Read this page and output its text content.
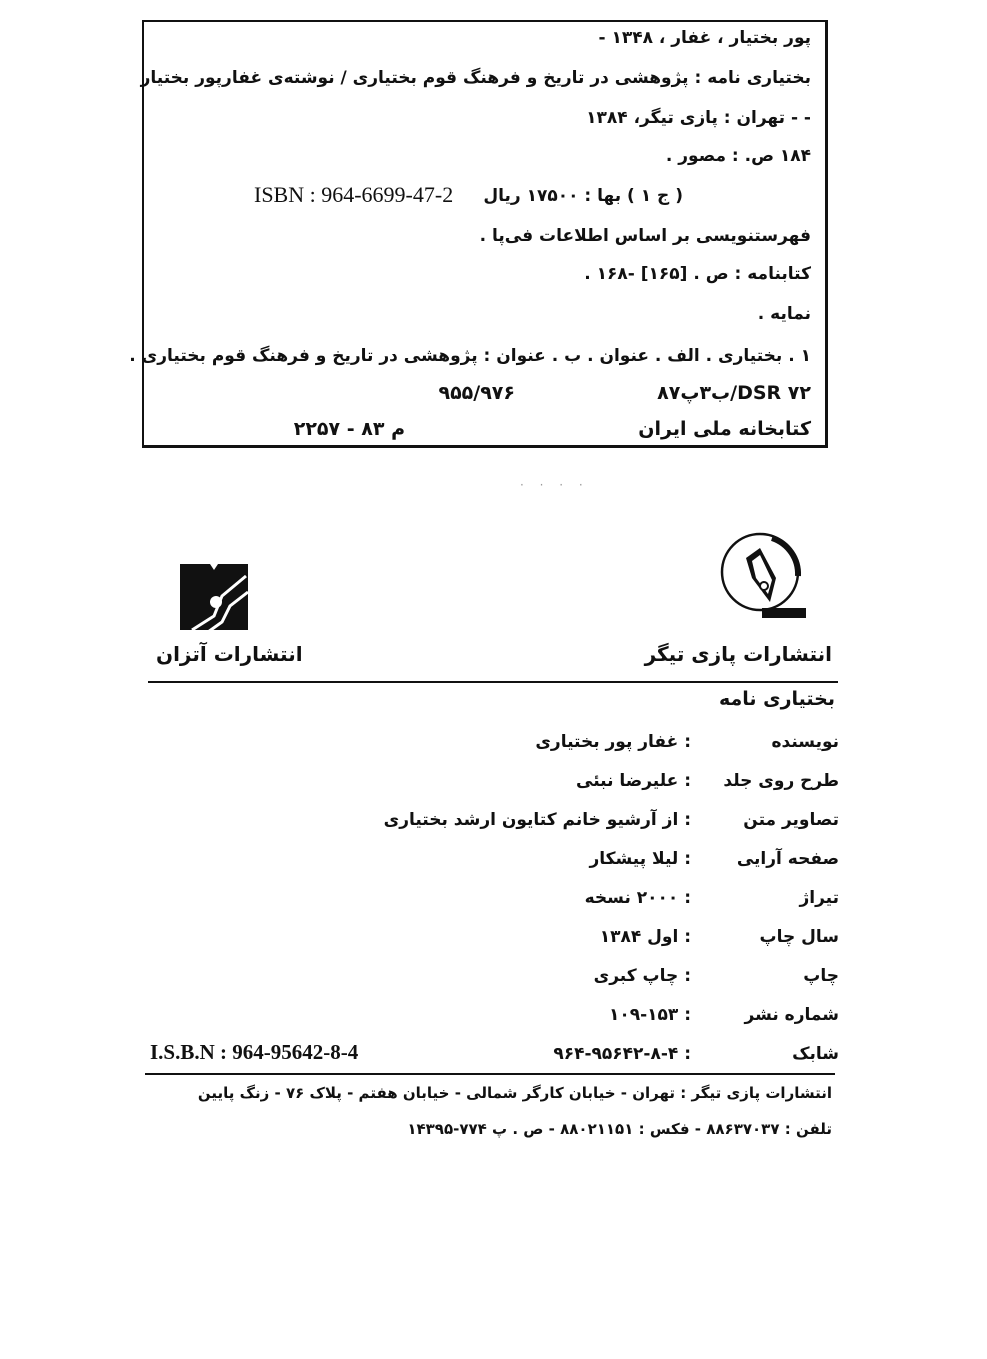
پور بختیار ، غفار ، ۱۳۴۸ -
بختیاری نامه : پژوهشی در تاریخ و فرهنگ قوم بختیاری / نوشته‌ی غفارپور بختیار
- - تهران : پازی تیگر، ۱۳۸۴
۱۸۴ ص. : مصور .
( ج ۱ ) بها : ۱۷۵۰۰ ریال
ISBN : 964-6699-47-2
فهرستنویسی بر اساس اطلاعات فی‌پا .
کتابنامه : ص . [۱۶۵] -۱۶۸ .
نمایه .
۱ . بختیاری . الف . عنوان . ب . عنوان : پژوهشی در تاریخ و فرهنگ قوم بختیاری .
DSR ۷۲/ب۳پ۸۷
۹۵۵/۹۷۶
کتابخانه ملی ایران
م ۸۳ - ۲۲۵۷
· · · ·
انتشارات پازی تیگر
انتشارات آتزان
بختیاری نامه
نویسنده
: غفار پور بختیاری
طرح روی جلد
: علیرضا نبئی
تصاویر متن
: از آرشیو خانم کتایون ارشد بختیاری
صفحه آرایی
: لیلا پیشکار
تیراژ
: ۲۰۰۰ نسخه
سال چاپ
: اول ۱۳۸۴
چاپ
: چاپ کبری
شماره نشر
: ۱۰۹-۱۵۳
شابک
: ۹۶۴-۹۵۶۴۲-۸-۴
I.S.B.N : 964-95642-8-4
انتشارات پازی تیگر : تهران - خیابان کارگر شمالی - خیابان هفتم - پلاک ۷۶ - زنگ پایین
تلفن : ۸۸۶۳۷۰۳۷ - فکس : ۸۸۰۲۱۱۵۱ - ص . پ ۷۷۴-۱۴۳۹۵
